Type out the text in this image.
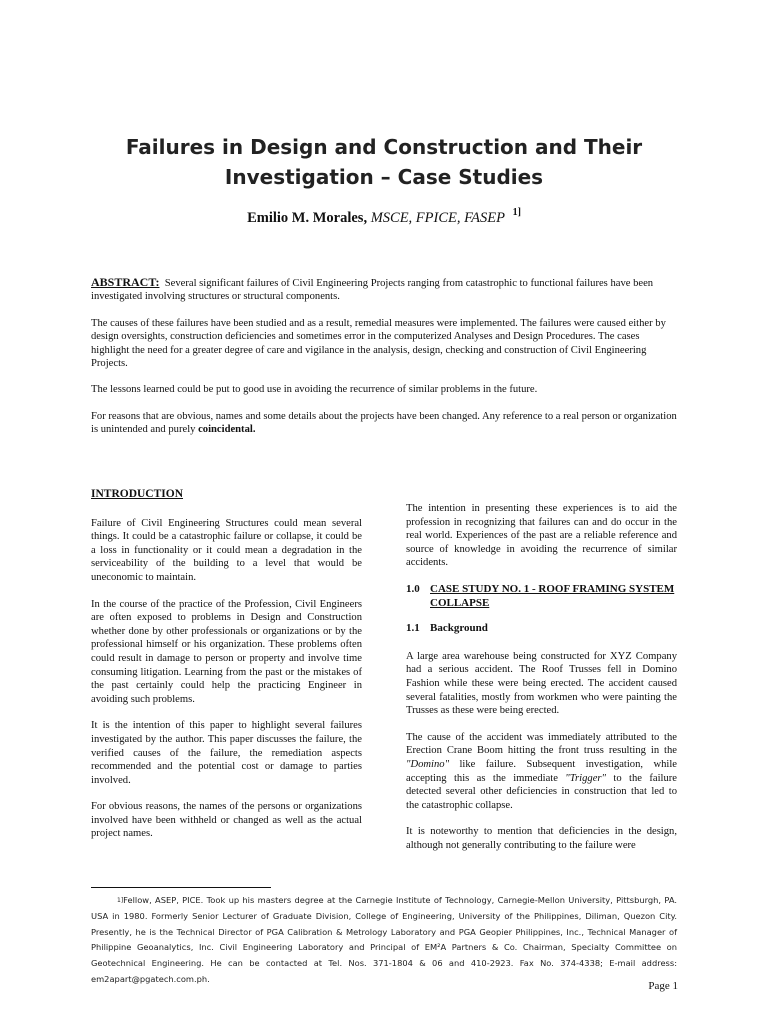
Failures in Design and Construction and Their
Investigation – Case Studies
Emilio M. Morales, MSCE, FPICE, FASEP $^{1]}$

ABSTRACT: Several significant failures of Civil Engineering Projects ranging from catastrophic to functional failures have been investigated involving structures or structural components.

The causes of these failures have been studied and as a result, remedial measures were implemented. The failures were caused either by design oversights, construction deficiencies and sometimes error in the computerized Analyses and Design Procedures. The cases highlight the need for a greater degree of care and vigilance in the analysis, design, checking and construction of Civil Engineering Projects.

The lessons learned could be put to good use in avoiding the recurrence of similar problems in the future.

For reasons that are obvious, names and some details about the projects have been changed. Any reference to a real person or organization is unintended and purely coincidental.

INTRODUCTION

Failure of Civil Engineering Structures could mean several things. It could be a catastrophic failure or collapse, it could be a loss in functionality or it could mean a degradation in the serviceability of the building to a level that would be uneconomic to maintain.

In the course of the practice of the Profession, Civil Engineers are often exposed to problems in Design and Construction whether done by other professionals or organizations or by the professional himself or his organization. These problems often could result in damage to person or property and involve time consuming litigation. Learning from the past or the mistakes of the past certainly could help the practicing Engineer in avoiding such problems.

It is the intention of this paper to highlight several failures investigated by the author. This paper discusses the failure, the verified causes of the failure, the remediation aspects recommended and the potential cost or damage to parties involved.

For obvious reasons, the names of the persons or organizations involved have been withheld or changed as well as the actual project names.

The intention in presenting these experiences is to aid the profession in recognizing that failures can and do occur in the real world. Experiences of the past are a reliable reference and source of knowledge in avoiding the recurrence of similar accidents.

1.0 CASE STUDY NO. 1 - ROOF FRAMING SYSTEM COLLAPSE
1.1 Background

A large area warehouse being constructed for XYZ Company had a serious accident. The Roof Trusses fell in Domino Fashion while these were being erected. The accident caused several fatalities, mostly from workmen who were painting the Trusses as these were being erected.

The cause of the accident was immediately attributed to the Erection Crane Boom hitting the front truss resulting in the "Domino" like failure. Subsequent investigation, while accepting this as the immediate "Trigger" to the failure detected several other deficiencies in construction that led to the catastrophic collapse.

It is noteworthy to mention that deficiencies in the design, although not generally contributing to the failure were

$^{1]}$Fellow, ASEP, PICE. Took up his masters degree at the Carnegie Institute of Technology, Carnegie-Mellon University, Pittsburgh, PA. USA in 1980. Formerly Senior Lecturer of Graduate Division, College of Engineering, University of the Philippines, Diliman, Quezon City. Presently, he is the Technical Director of PGA Calibration & Metrology Laboratory and PGA Geopier Philippines, Inc., Technical Manager of Philippine Geoanalytics, Inc. Civil Engineering Laboratory and Principal of EM²A Partners & Co. Chairman, Specialty Committee on Geotechnical Engineering. He can be contacted at Tel. Nos. 371-1804 & 06 and 410-2923. Fax No. 374-4338; E-mail address: em2apart@pgatech.com.ph.
Page 1
